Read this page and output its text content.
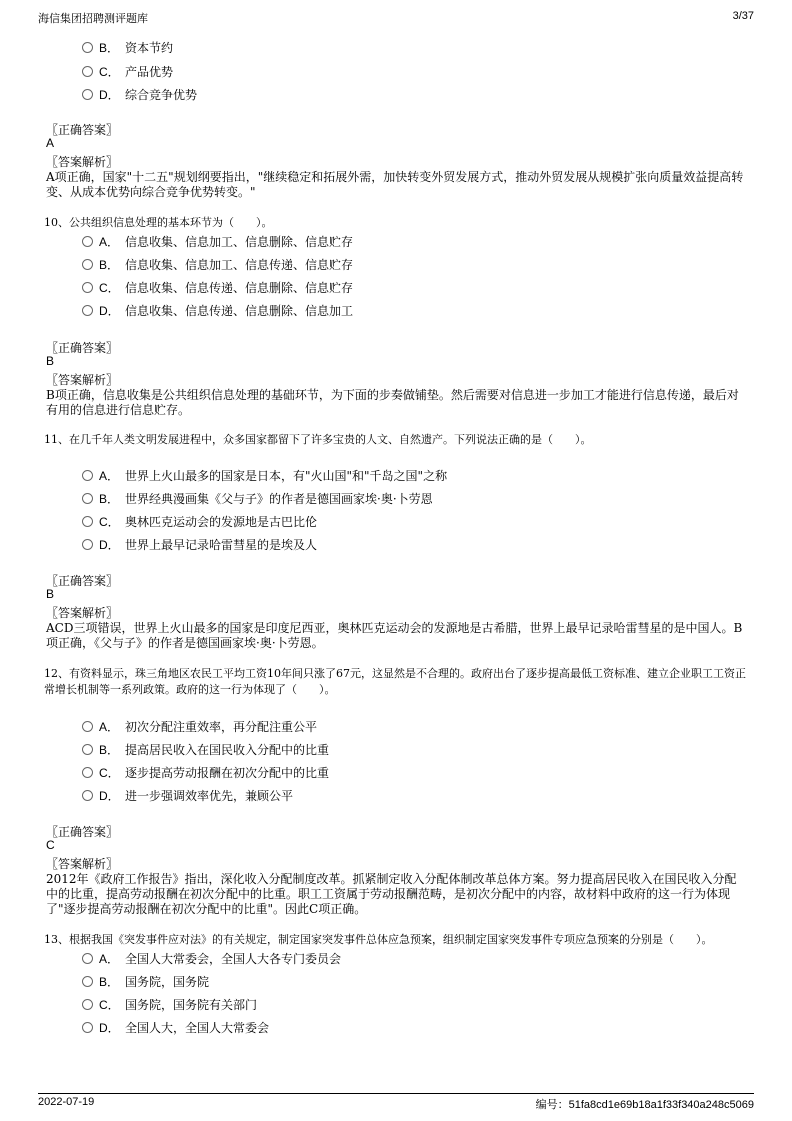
海信集团招聘测评题库	3/37
B． 资本节约
C． 产品优势
D． 综合竞争优势
〖正确答案〗
A
〖答案解析〗
A项正确，国家"十二五"规划纲要指出，"继续稳定和拓展外需，加快转变外贸发展方式，推动外贸发展从规模扩张向质量效益提高转变、从成本优势向综合竞争优势转变。"
10、公共组织信息处理的基本环节为（　　）。
A． 信息收集、信息加工、信息删除、信息贮存
B． 信息收集、信息加工、信息传递、信息贮存
C． 信息收集、信息传递、信息删除、信息贮存
D． 信息收集、信息传递、信息删除、信息加工
〖正确答案〗
B
〖答案解析〗
B项正确，信息收集是公共组织信息处理的基础环节，为下面的步奏做铺垫。然后需要对信息进一步加工才能进行信息传递，最后对有用的信息进行信息贮存。
11、在几千年人类文明发展进程中，众多国家都留下了许多宝贵的人文、自然遗产。下列说法正确的是（　　）。
A． 世界上火山最多的国家是日本，有"火山国"和"千岛之国"之称
B． 世界经典漫画集《父与子》的作者是德国画家埃·奥·卜劳恩
C． 奥林匹克运动会的发源地是古巴比伦
D． 世界上最早记录哈雷彗星的是埃及人
〖正确答案〗
B
〖答案解析〗
ACD三项错误，世界上火山最多的国家是印度尼西亚，奥林匹克运动会的发源地是古希腊，世界上最早记录哈雷彗星的是中国人。B项正确，《父与子》的作者是德国画家埃·奥·卜劳恩。
12、有资料显示，珠三角地区农民工平均工资10年间只涨了67元，这显然是不合理的。政府出台了逐步提高最低工资标准、建立企业职工工资正常增长机制等一系列政策。政府的这一行为体现了（　　）。
A． 初次分配注重效率，再分配注重公平
B． 提高居民收入在国民收入分配中的比重
C． 逐步提高劳动报酬在初次分配中的比重
D． 进一步强调效率优先，兼顾公平
〖正确答案〗
C
〖答案解析〗
2012年《政府工作报告》指出，深化收入分配制度改革。抓紧制定收入分配体制改革总体方案。努力提高居民收入在国民收入分配中的比重，提高劳动报酬在初次分配中的比重。职工工资属于劳动报酬范畴，是初次分配中的内容，故材料中政府的这一行为体现了"逐步提高劳动报酬在初次分配中的比重"。因此C项正确。
13、根据我国《突发事件应对法》的有关规定，制定国家突发事件总体应急预案，组织制定国家突发事件专项应急预案的分别是（　　）。
A． 全国人大常委会，全国人大各专门委员会
B． 国务院，国务院
C． 国务院，国务院有关部门
D． 全国人大，全国人大常委会
2022-07-19	编号：51fa8cd1e69b18a1f33f340a248c5069
